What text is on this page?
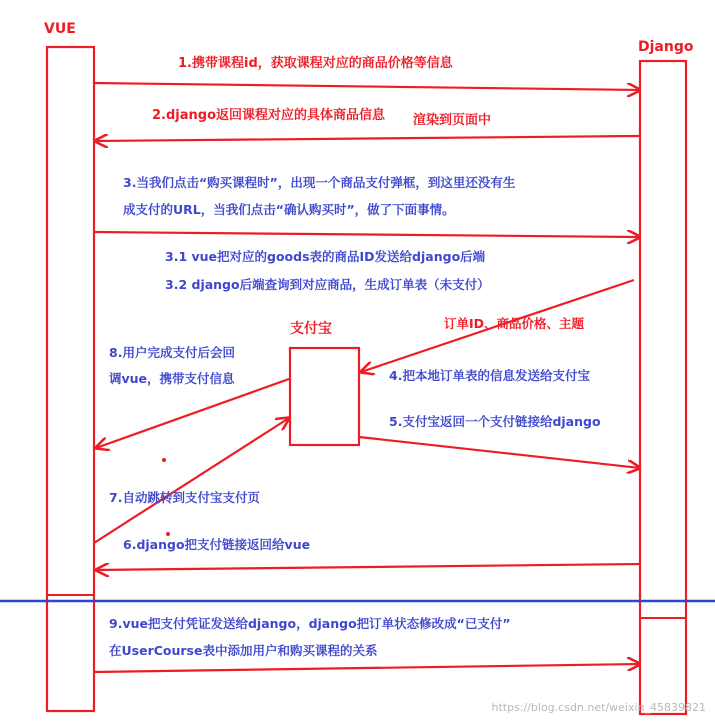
VUE
Django
支付宝
1.携带课程id，获取课程对应的商品价格等信息
2.django返回课程对应的具体商品信息 渲染到页面中
3.当我们点击“购买课程时”，出现一个商品支付弹框，到这里还没有生
成支付的URL，当我们点击“确认购买时”，做了下面事情。
3.1 vue把对应的goods表的商品ID发送给django后端
3.2 django后端查询到对应商品，生成订单表（未支付）
订单ID、商品价格、主题
4.把本地订单表的信息发送给支付宝
5.支付宝返回一个支付链接给django
6.django把支付链接返回给vue
7.自动跳转到支付宝支付页
8.用户完成支付后会回
调vue，携带支付信息
9.vue把支付凭证发送给django，django把订单状态修改成“已支付”
在UserCourse表中添加用户和购买课程的关系
https://blog.csdn.net/weixin_45839821
